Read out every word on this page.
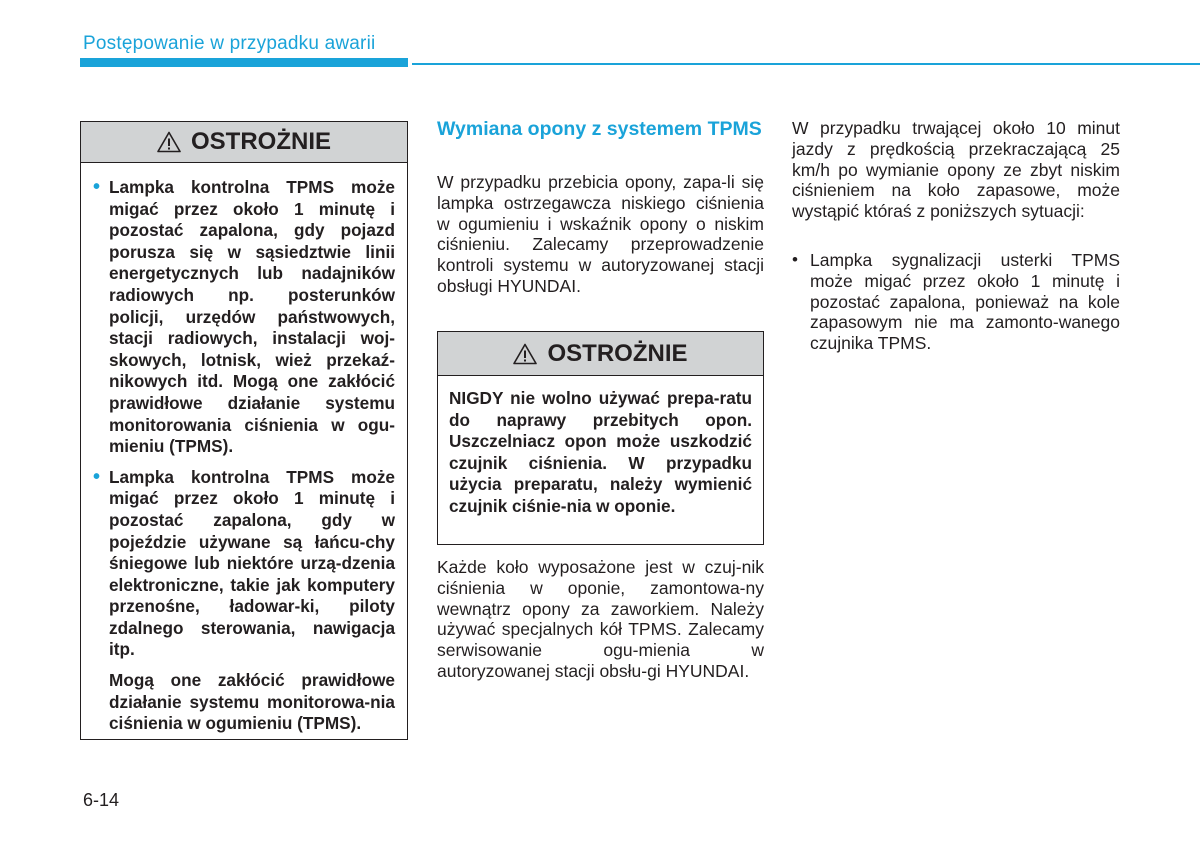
Postępowanie w przypadku awarii
OSTROŻNIE
• Lampka kontrolna TPMS może migać przez około 1 minutę i pozostać zapalona, gdy pojazd porusza się w sąsiedztwie linii energetycznych lub nadajników radiowych np. posterunków policji, urzędów państwowych, stacji radiowych, instalacji woj-skowych, lotnisk, wież przekaź-nikowych itd. Mogą one zakłócić prawidłowe działanie systemu monitorowania ciśnienia w ogu-mieniu (TPMS).

• Lampka kontrolna TPMS może migać przez około 1 minutę i pozostać zapalona, gdy w pojeździe używane są łańcu-chy śniegowe lub niektóre urzą-dzenia elektroniczne, takie jak komputery przenośne, ładowar-ki, piloty zdalnego sterowania, nawigacja itp.

Mogą one zakłócić prawidłowe działanie systemu monitorowa-nia ciśnienia w ogumieniu (TPMS).

Wymiana opony z systemem TPMS

W przypadku przebicia opony, zapa-li się lampka ostrzegawcza niskiego ciśnienia w ogumieniu i wskaźnik opony o niskim ciśnieniu. Zalecamy przeprowadzenie kontroli systemu w autoryzowanej stacji obsługi HYUNDAI.

OSTROŻNIE

NIGDY nie wolno używać prepa-ratu do naprawy przebitych opon. Uszczelniacz opon może uszkodzić czujnik ciśnienia. W przypadku użycia preparatu, należy wymienić czujnik ciśnie-nia w oponie.

Każde koło wyposażone jest w czuj-nik ciśnienia w oponie, zamontowa-ny wewnątrz opony za zaworkiem. Należy używać specjalnych kół TPMS. Zalecamy serwisowanie ogu-mienia w autoryzowanej stacji obsłu-gi HYUNDAI.

W przypadku trwającej około 10 minut jazdy z prędkością przekraczającą 25 km/h po wymianie opony ze zbyt niskim ciśnieniem na koło zapasowe, może wystąpić któraś z poniższych sytuacji:

• Lampka sygnalizacji usterki TPMS może migać przez około 1 minutę i pozostać zapalona, ponieważ na kole zapasowym nie ma zamonto-wanego czujnika TPMS.

6-14
